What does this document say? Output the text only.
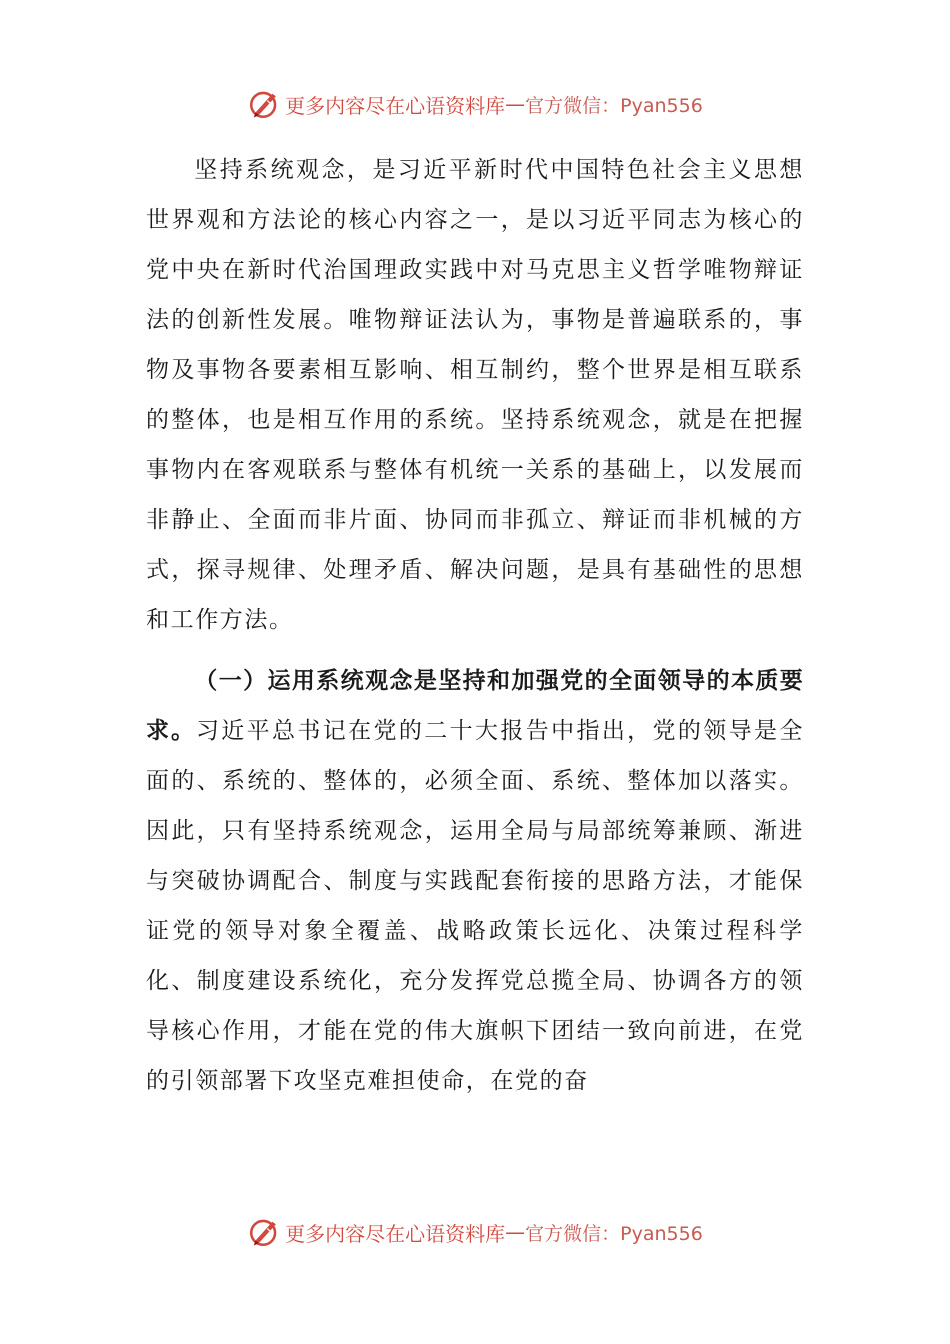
更多内容尽在心语资料库 — 官方微信：Pyan556

坚持系统观念，是习近平新时代中国特色社会主义思想世界观和方法论的核心内容之一，是以习近平同志为核心的党中央在新时代治国理政实践中对马克思主义哲学唯物辩证法的创新性发展。唯物辩证法认为，事物是普遍联系的，事物及事物各要素相互影响、相互制约，整个世界是相互联系的整体，也是相互作用的系统。坚持系统观念，就是在把握事物内在客观联系与整体有机统一关系的基础上，以发展而非静止、全面而非片面、协同而非孤立、辩证而非机械的方式，探寻规律、处理矛盾、解决问题，是具有基础性的思想和工作方法。

（一）运用系统观念是坚持和加强党的全面领导的本质要求。习近平总书记在党的二十大报告中指出，党的领导是全面的、系统的、整体的，必须全面、系统、整体加以落实。因此，只有坚持系统观念，运用全局与局部统筹兼顾、渐进与突破协调配合、制度与实践配套衔接的思路方法，才能保证党的领导对象全覆盖、战略政策长远化、决策过程科学化、制度建设系统化，充分发挥党总揽全局、协调各方的领导核心作用，才能在党的伟大旗帜下团结一致向前进，在党的引领部署下攻坚克难担使命，在党的奋

更多内容尽在心语资料库 — 官方微信：Pyan556
